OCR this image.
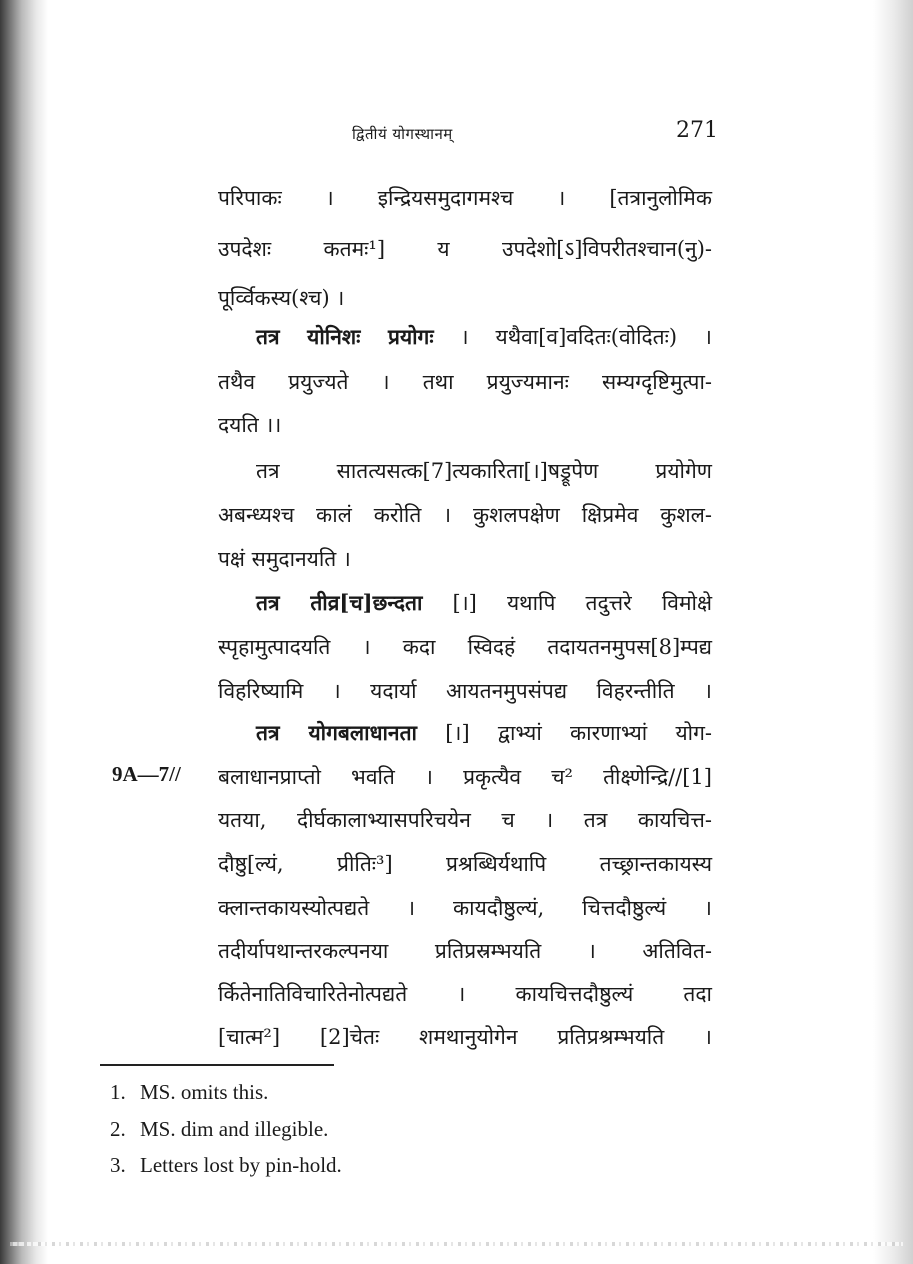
द्वितीयं योगस्थानम्	271
परिपाकः । इन्द्रियसमुदागमश्च । [तत्रानुलोमिक
उपदेशः कतमः¹] य उपदेशो[ऽ]विपरीतश्चान(नु)-
पूर्व्विकस्य(श्च) ।
तत्र योनिशः प्रयोगः । यथैवा[व]वदितः(वोदितः) ।
तथैव प्रयुज्यते । तथा प्रयुज्यमानः सम्यग्दृष्टिमुत्पा-
दयति ।।
तत्र सातत्यसत्क[7]त्यकारिता[।]षड्रूपेण प्रयोगेण
अबन्ध्यश्च कालं करोति । कुशलपक्षेण क्षिप्रमेव कुशल-
पक्षं समुदानयति ।
तत्र तीव्र[च]छन्दता [।] यथापि तदुत्तरे विमोक्षे
स्पृहामुत्पादयति । कदा स्विदहं तदायतनमुपस[8]म्पद्य
विहरिष्यामि । यदार्या आयतनमुपसंपद्य विहरन्तीति ।
तत्र योगबलाधानता [।] द्वाभ्यां कारणाभ्यां योग-
9A—7// बलाधानप्राप्तो भवति । प्रकृत्यैव च² तीक्ष्णेन्द्रि//[1]
यतया, दीर्घकालाभ्यासपरिचयेन च । तत्र कायचित्त-
दौष्ठु[ल्यं, प्रीतिः³] प्रश्रब्धिर्यथापि तच्छ्रान्तकायस्य
क्लान्तकायस्योत्पद्यते । कायदौष्ठुल्यं, चित्तदौष्ठुल्यं ।
तदीर्यापथान्तरकल्पनया प्रतिप्रस्रम्भयति । अतिवित-
र्कितेनातिविचारितेनोत्पद्यते । कायचित्तदौष्ठुल्यं तदा
[चात्म²] [2]चेतः शमथानुयोगेन प्रतिप्रश्रम्भयति ।
1. MS. omits this.
2. MS. dim and illegible.
3. Letters lost by pin-hold.
